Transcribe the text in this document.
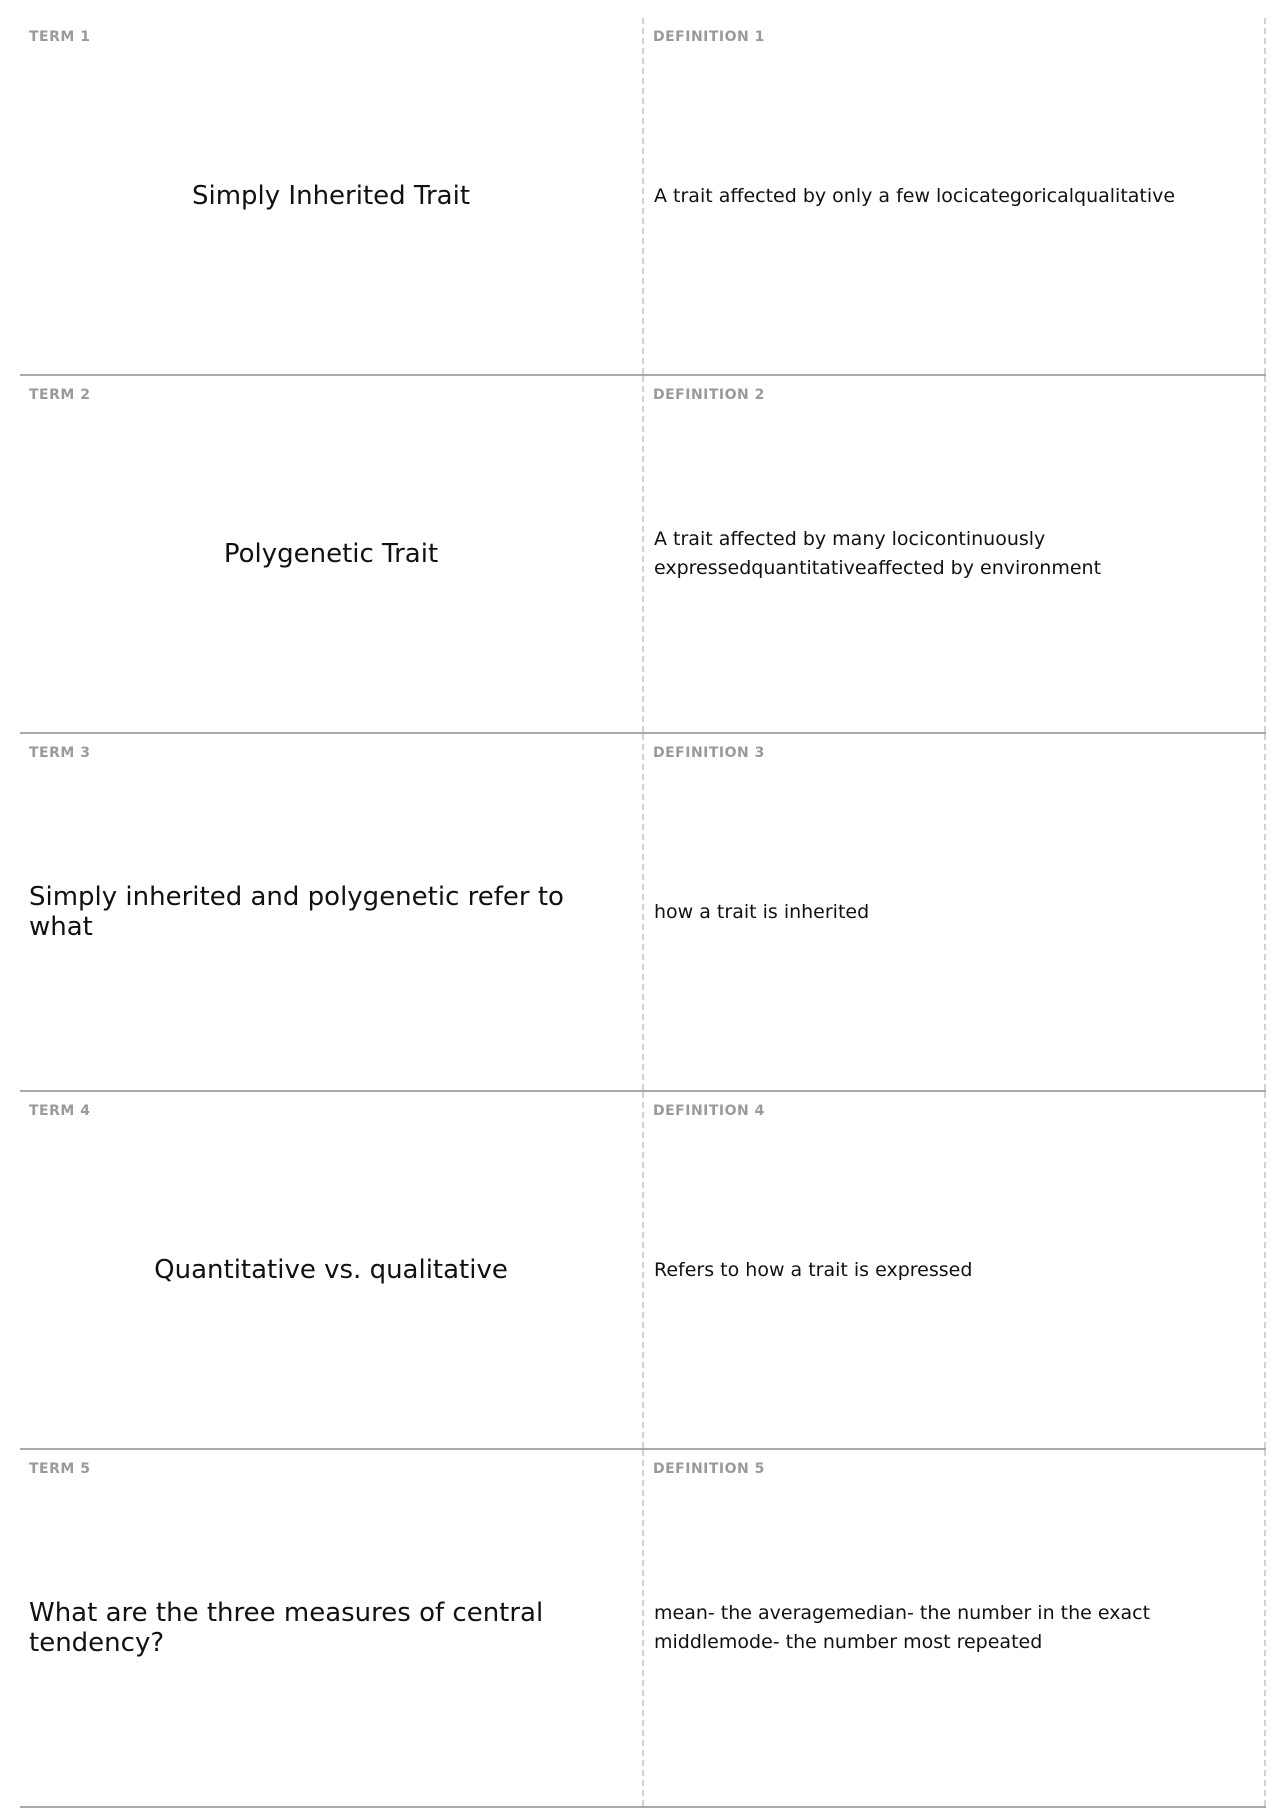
TERM 1
Simply Inherited Trait
DEFINITION 1
A trait affected by only a few locicategoricalqualitative
TERM 2
Polygenetic Trait
DEFINITION 2
A trait affected by many locicontinuously expressedquantitativeaffected by environment
TERM 3
Simply inherited and polygenetic refer to what
DEFINITION 3
how a trait is inherited
TERM 4
Quantitative vs. qualitative
DEFINITION 4
Refers to how a trait is expressed
TERM 5
What are the three measures of central tendency?
DEFINITION 5
mean- the averagemedian- the number in the exact middlemode- the number most repeated
